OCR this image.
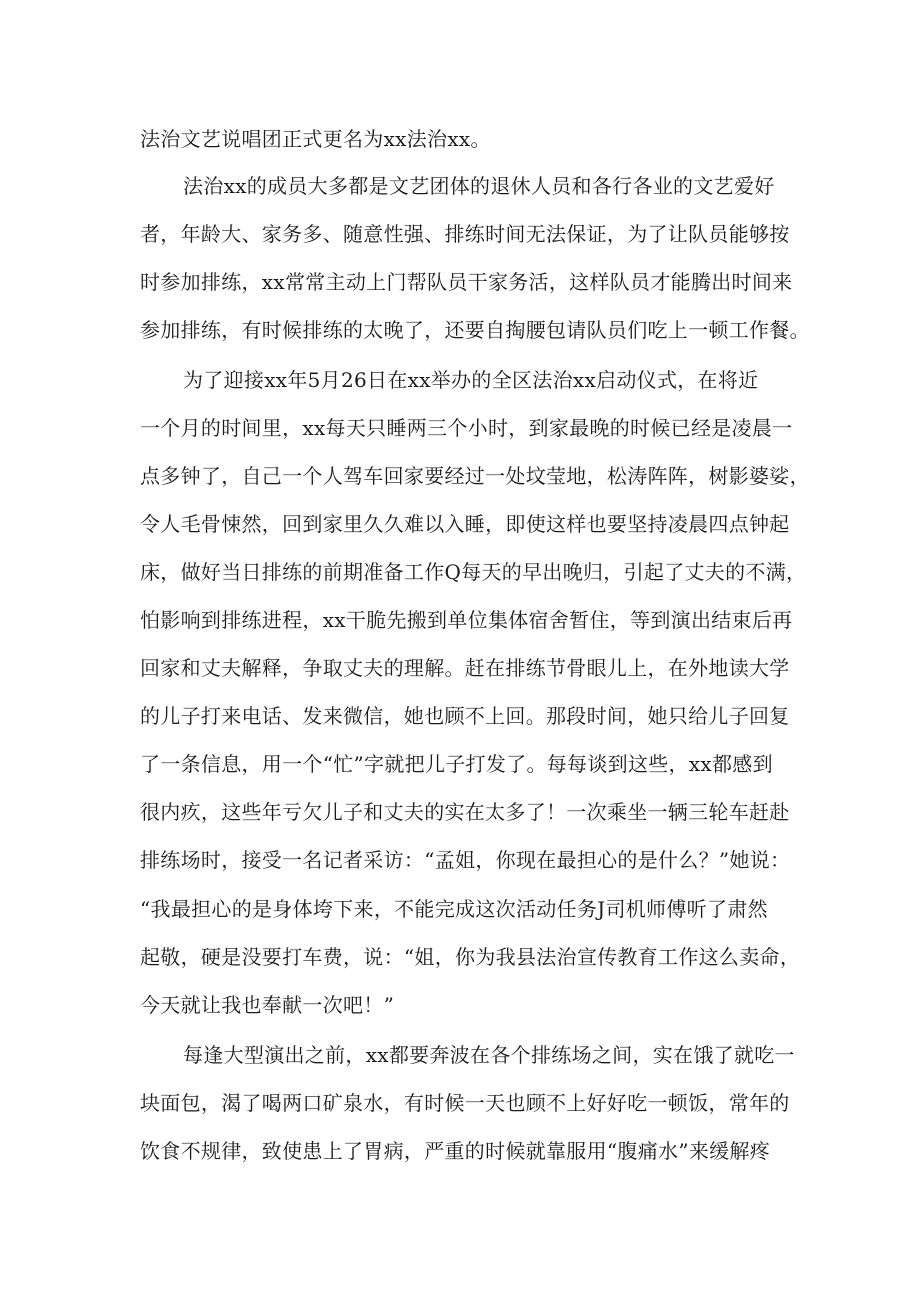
法治文艺说唱团正式更名为xx法治xx。
法治xx的成员大多都是文艺团体的退休人员和各行各业的文艺爱好
者，年龄大、家务多、随意性强、排练时间无法保证，为了让队员能够按
时参加排练，xx常常主动上门帮队员干家务活，这样队员才能腾出时间来
参加排练，有时候排练的太晚了，还要自掏腰包请队员们吃上一顿工作餐。
为了迎接xx年5月26日在xx举办的全区法治xx启动仪式，在将近
一个月的时间里，xx每天只睡两三个小时，到家最晚的时候已经是凌晨一
点多钟了，自己一个人驾车回家要经过一处坟莹地，松涛阵阵，树影婆娑，
令人毛骨悚然，回到家里久久难以入睡，即使这样也要坚持凌晨四点钟起
床，做好当日排练的前期准备工作Q每天的早出晚归，引起了丈夫的不满，
怕影响到排练进程，xx干脆先搬到单位集体宿舍暂住，等到演出结束后再
回家和丈夫解释，争取丈夫的理解。赶在排练节骨眼儿上，在外地读大学
的儿子打来电话、发来微信，她也顾不上回。那段时间，她只给儿子回复
了一条信息，用一个“忙”字就把儿子打发了。每每谈到这些，xx都感到
很内疚，这些年亏欠儿子和丈夫的实在太多了！一次乘坐一辆三轮车赶赴
排练场时，接受一名记者采访：“孟姐，你现在最担心的是什么？”她说：
“我最担心的是身体垮下来，不能完成这次活动任务J司机师傅听了肃然
起敬，硬是没要打车费，说：“姐，你为我县法治宣传教育工作这么卖命，
今天就让我也奉献一次吧！”
每逢大型演出之前，xx都要奔波在各个排练场之间，实在饿了就吃一
块面包，渴了喝两口矿泉水，有时候一天也顾不上好好吃一顿饭，常年的
饮食不规律，致使患上了胃病，严重的时候就靠服用“腹痛水”来缓解疼
